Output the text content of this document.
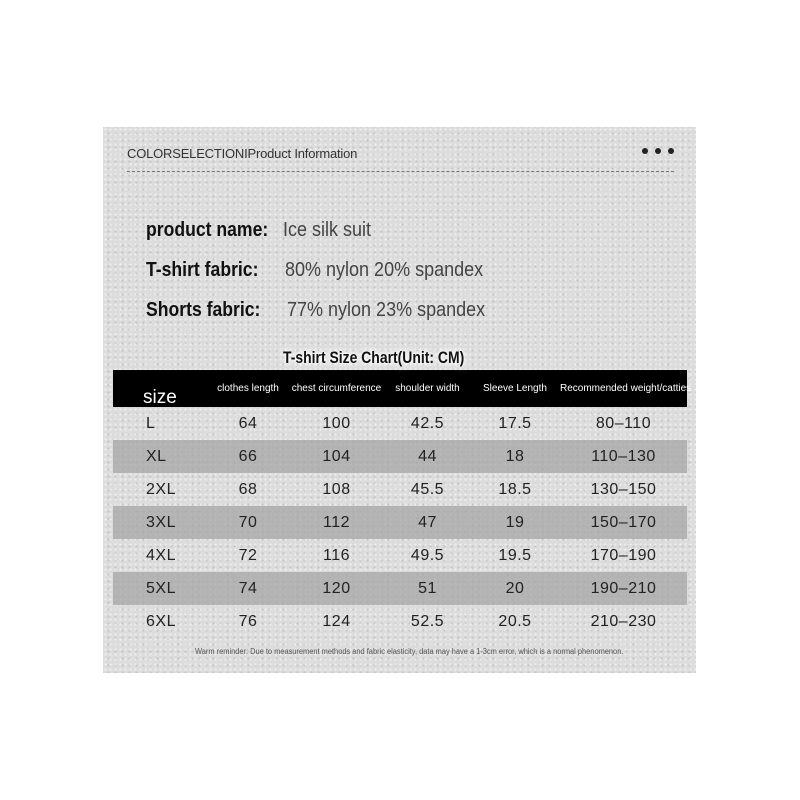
COLORSELECTIONIProduct Information
product name: Ice silk suit
T-shirt fabric: 80% nylon 20% spandex
Shorts fabric: 77% nylon 23% spandex
T-shirt Size Chart(Unit: CM)
size	clothes length	chest circumference	shoulder width	Sleeve Length	Recommended weight/catties
L	64	100	42.5	17.5	80–110
XL	66	104	44	18	110–130
2XL	68	108	45.5	18.5	130–150
3XL	70	112	47	19	150–170
4XL	72	116	49.5	19.5	170–190
5XL	74	120	51	20	190–210
6XL	76	124	52.5	20.5	210–230
Warm reminder: Due to measurement methods and fabric elasticity, data may have a 1-3cm error, which is a normal phenomenon.
